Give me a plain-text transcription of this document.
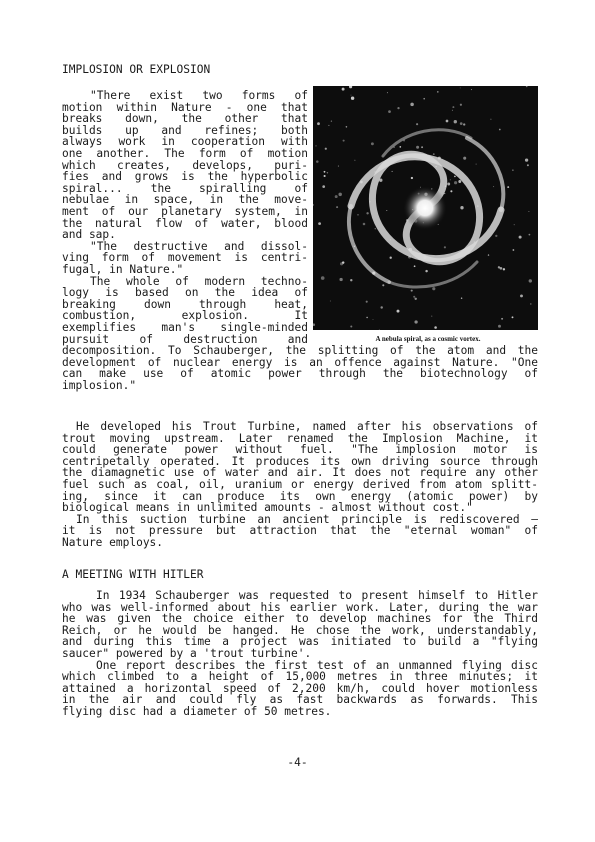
IMPLOSION OR EXPLOSION
"There exist two forms of
motion within Nature - one that
breaks down, the other that
builds up and refines; both
always work in cooperation with
one another. The form of motion
which creates, develops, puri-
fies and grows is the hyperbolic
spiral... the spiralling of
nebulae in space, in the move-
ment of our planetary system, in
the natural flow of water, blood
and sap.
"The destructive and dissol-
ving form of movement is centri-
fugal, in Nature."
The whole of modern techno-
logy is based on the idea of
breaking down through heat,
combustion, explosion. It
exemplifies man's single-minded
pursuit of destruction and	A nebula spiral, as a cosmic vortex.
decomposition. To Schauberger, the splitting of the atom and the
development of nuclear energy is an offence against Nature. "One
can make use of atomic power through the biotechnology of
implosion."
He developed his Trout Turbine, named after his observations of
trout moving upstream. Later renamed the Implosion Machine, it
could generate power without fuel. "The implosion motor is
centripetally operated. It produces its own driving source through
the diamagnetic use of water and air. It does not require any other
fuel such as coal, oil, uranium or energy derived from atom splitt-
ing, since it can produce its own energy (atomic power) by
biological means in unlimited amounts - almost without cost."
In this suction turbine an ancient principle is rediscovered —
it is not pressure but attraction that the "eternal woman" of
Nature employs.
A MEETING WITH HITLER
In 1934 Schauberger was requested to present himself to Hitler
who was well-informed about his earlier work. Later, during the war
he was given the choice either to develop machines for the Third
Reich, or he would be hanged. He chose the work, understandably,
and during this time a project was initiated to build a "flying
saucer" powered by a 'trout turbine'.
One report describes the first test of an unmanned flying disc
which climbed to a height of 15,000 metres in three minutes; it
attained a horizontal speed of 2,200 km/h, could hover motionless
in the air and could fly as fast backwards as forwards. This
flying disc had a diameter of 50 metres.
-4-
